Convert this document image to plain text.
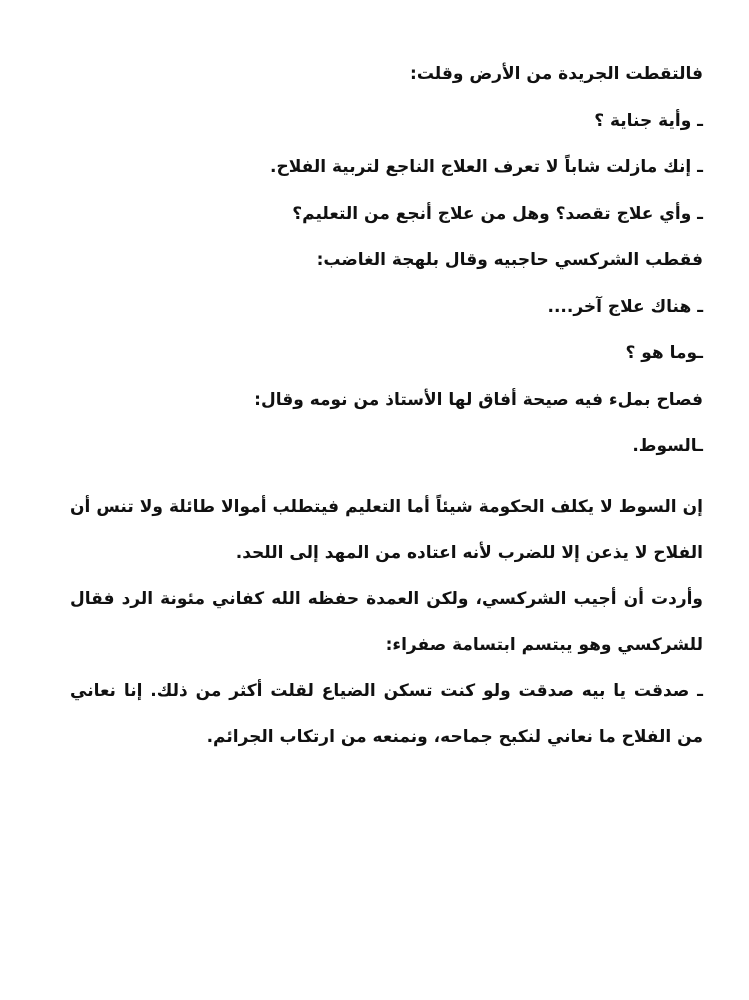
فالتقطت الجريدة من الأرض وقلت:

ـ وأية جناية ؟

ـ إنك مازلت شاباً لا تعرف العلاج الناجع لتربية الفلاح.

ـ وأي علاج تقصد؟ وهل من علاج أنجع من التعليم؟

فقطب الشركسي حاجبيه وقال بلهجة الغاضب:

ـ هناك علاج آخر....

ـوما هو ؟

فصاح بملء فيه صيحة أفاق لها الأستاذ من نومه وقال:

ـالسوط.

إن السوط لا يكلف الحكومة شيئاً أما التعليم فيتطلب أموالا طائلة ولا تنس أن الفلاح لا يذعن إلا للضرب لأنه اعتاده من المهد إلى اللحد.

وأردت أن أجيب الشركسي، ولكن العمدة حفظه الله كفاني مئونة الرد فقال للشركسي وهو يبتسم ابتسامة صفراء:

ـ صدقت يا بيه صدقت ولو كنت تسكن الضياع لقلت أكثر من ذلك. إنا نعاني من الفلاح ما نعاني لنكبح جماحه، ونمنعه من ارتكاب الجرائم.
